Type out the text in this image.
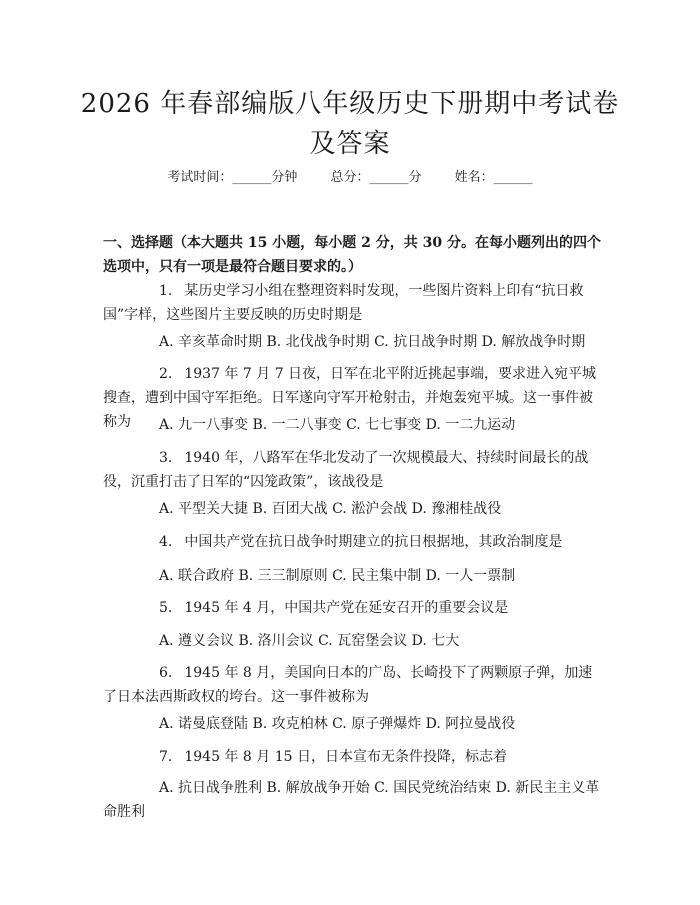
2026 年春部编版八年级历史下册期中考试卷及答案
考试时间：______分钟	总分：______分	姓名：______

一、选择题（本大题共 15 小题，每小题 2 分，共 30 分。在每小题列出的四个选项中，只有一项是最符合题目要求的。）

1. 某历史学习小组在整理资料时发现，一些图片资料上印有“抗日救国”字样，这些图片主要反映的历史时期是

A. 辛亥革命时期 B. 北伐战争时期 C. 抗日战争时期 D. 解放战争时期

2. 1937 年 7 月 7 日夜，日军在北平附近挑起事端，要求进入宛平城搜查，遭到中国守军拒绝。日军遂向守军开枪射击，并炮轰宛平城。这一事件被称为	A. 九一八事变 B. 一二八事变 C. 七七事变 D. 一二九运动

3. 1940 年，八路军在华北发动了一次规模最大、持续时间最长的战役，沉重打击了日军的“囚笼政策”，该战役是

A. 平型关大捷 B. 百团大战 C. 淞沪会战 D. 豫湘桂战役

4. 中国共产党在抗日战争时期建立的抗日根据地，其政治制度是

A. 联合政府 B. 三三制原则 C. 民主集中制 D. 一人一票制

5. 1945 年 4 月，中国共产党在延安召开的重要会议是

A. 遵义会议 B. 洛川会议 C. 瓦窑堡会议 D. 七大

6. 1945 年 8 月，美国向日本的广岛、长崎投下了两颗原子弹，加速了日本法西斯政权的垮台。这一事件被称为

A. 诺曼底登陆 B. 攻克柏林 C. 原子弹爆炸 D. 阿拉曼战役

7. 1945 年 8 月 15 日，日本宣布无条件投降，标志着

A. 抗日战争胜利 B. 解放战争开始 C. 国民党统治结束 D. 新民主主义革命胜利
